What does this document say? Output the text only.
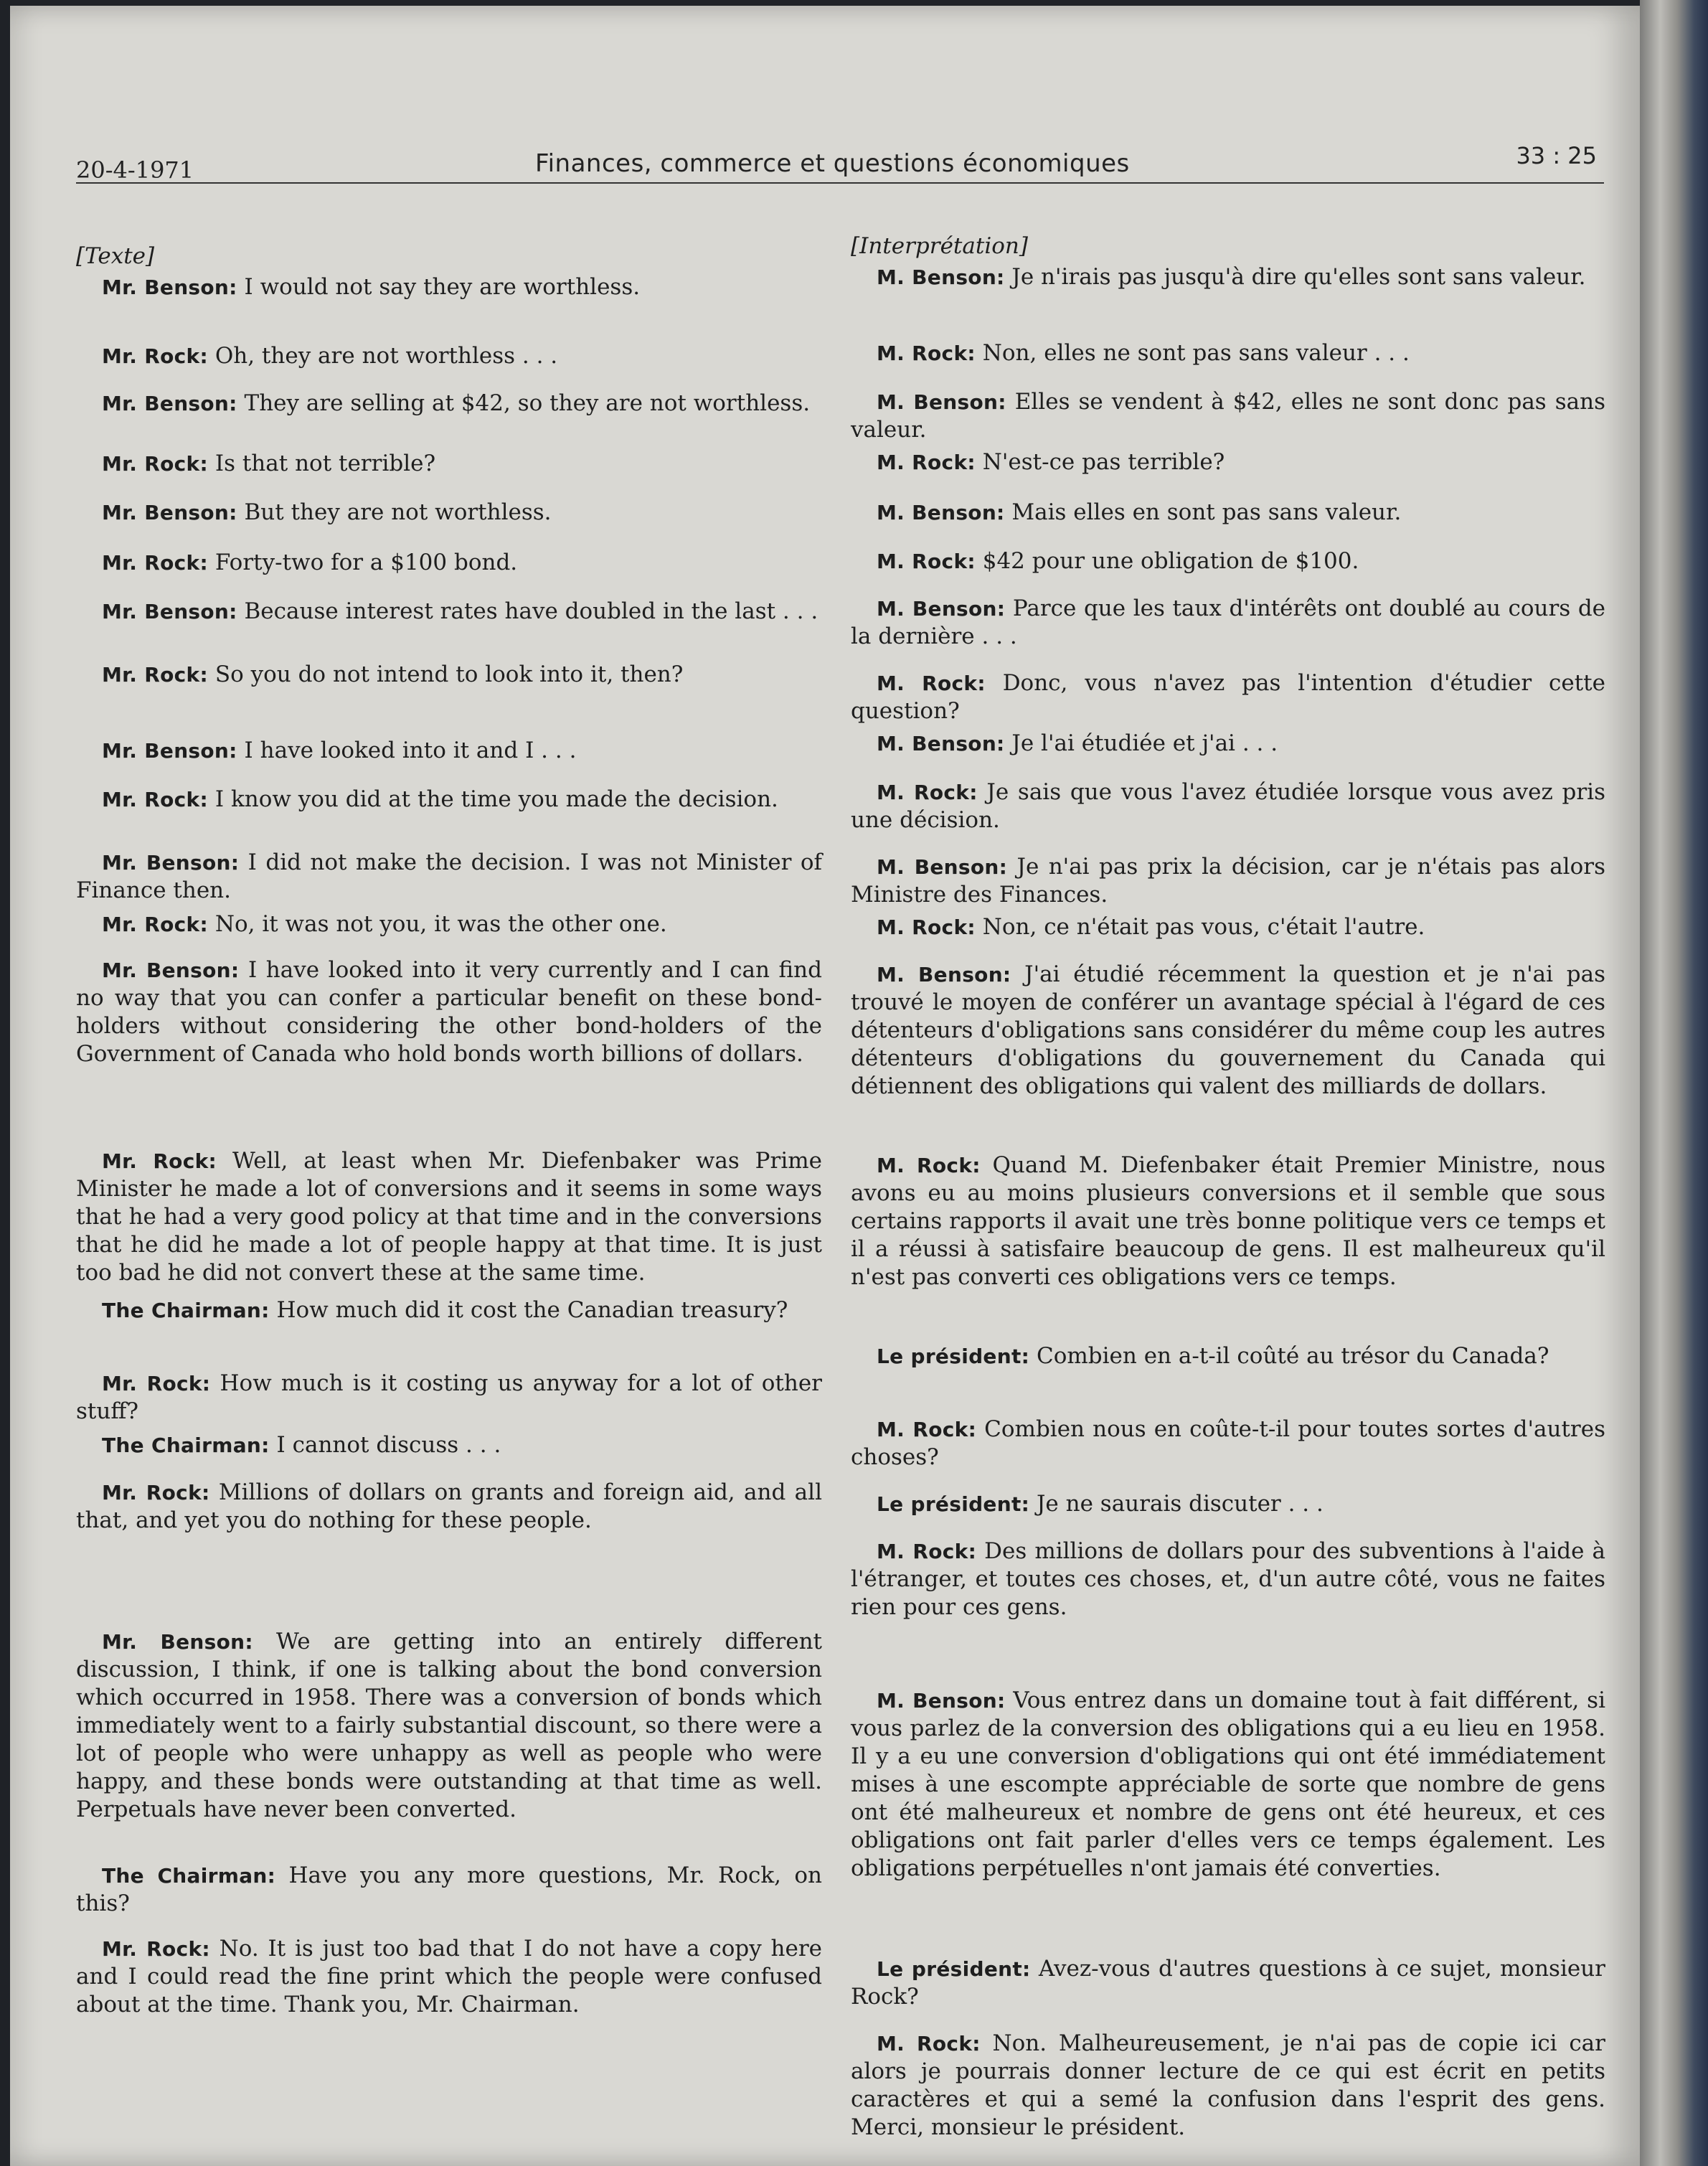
20-4-1971	Finances, commerce et questions économiques	33 : 25
[Texte]
Mr. Benson: I would not say they are worthless.
Mr. Rock: Oh, they are not worthless . . .
Mr. Benson: They are selling at $42, so they are not worthless.
Mr. Rock: Is that not terrible?
Mr. Benson: But they are not worthless.
Mr. Rock: Forty-two for a $100 bond.
Mr. Benson: Because interest rates have doubled in the last . . .
Mr. Rock: So you do not intend to look into it, then?
Mr. Benson: I have looked into it and I . . .
Mr. Rock: I know you did at the time you made the decision.
Mr. Benson: I did not make the decision. I was not Minister of Finance then.
Mr. Rock: No, it was not you, it was the other one.
Mr. Benson: I have looked into it very currently and I can find no way that you can confer a particular benefit on these bond-holders without considering the other bond-holders of the Government of Canada who hold bonds worth billions of dollars.
Mr. Rock: Well, at least when Mr. Diefenbaker was Prime Minister he made a lot of conversions and it seems in some ways that he had a very good policy at that time and in the conversions that he did he made a lot of people happy at that time. It is just too bad he did not convert these at the same time.
The Chairman: How much did it cost the Canadian treasury?
Mr. Rock: How much is it costing us anyway for a lot of other stuff?
The Chairman: I cannot discuss . . .
Mr. Rock: Millions of dollars on grants and foreign aid, and all that, and yet you do nothing for these people.
Mr. Benson: We are getting into an entirely different discussion, I think, if one is talking about the bond conversion which occurred in 1958. There was a conversion of bonds which immediately went to a fairly substantial discount, so there were a lot of people who were unhappy as well as people who were happy, and these bonds were outstanding at that time as well. Perpetuals have never been converted.
The Chairman: Have you any more questions, Mr. Rock, on this?
Mr. Rock: No. It is just too bad that I do not have a copy here and I could read the fine print which the people were confused about at the time. Thank you, Mr. Chairman.
[Interprétation]
M. Benson: Je n'irais pas jusqu'à dire qu'elles sont sans valeur.
M. Rock: Non, elles ne sont pas sans valeur . . .
M. Benson: Elles se vendent à $42, elles ne sont donc pas sans valeur.
M. Rock: N'est-ce pas terrible?
M. Benson: Mais elles en sont pas sans valeur.
M. Rock: $42 pour une obligation de $100.
M. Benson: Parce que les taux d'intérêts ont doublé au cours de la dernière . . .
M. Rock: Donc, vous n'avez pas l'intention d'étudier cette question?
M. Benson: Je l'ai étudiée et j'ai . . .
M. Rock: Je sais que vous l'avez étudiée lorsque vous avez pris une décision.
M. Benson: Je n'ai pas prix la décision, car je n'étais pas alors Ministre des Finances.
M. Rock: Non, ce n'était pas vous, c'était l'autre.
M. Benson: J'ai étudié récemment la question et je n'ai pas trouvé le moyen de conférer un avantage spécial à l'égard de ces détenteurs d'obligations sans considérer du même coup les autres détenteurs d'obligations du gouvernement du Canada qui détiennent des obligations qui valent des milliards de dollars.
M. Rock: Quand M. Diefenbaker était Premier Ministre, nous avons eu au moins plusieurs conversions et il semble que sous certains rapports il avait une très bonne politique vers ce temps et il a réussi à satisfaire beaucoup de gens. Il est malheureux qu'il n'est pas converti ces obligations vers ce temps.
Le président: Combien en a-t-il coûté au trésor du Canada?
M. Rock: Combien nous en coûte-t-il pour toutes sortes d'autres choses?
Le président: Je ne saurais discuter . . .
M. Rock: Des millions de dollars pour des subventions à l'aide à l'étranger, et toutes ces choses, et, d'un autre côté, vous ne faites rien pour ces gens.
M. Benson: Vous entrez dans un domaine tout à fait différent, si vous parlez de la conversion des obligations qui a eu lieu en 1958. Il y a eu une conversion d'obligations qui ont été immédiatement mises à une escompte appréciable de sorte que nombre de gens ont été malheureux et nombre de gens ont été heureux, et ces obligations ont fait parler d'elles vers ce temps également. Les obligations perpétuelles n'ont jamais été converties.
Le président: Avez-vous d'autres questions à ce sujet, monsieur Rock?
M. Rock: Non. Malheureusement, je n'ai pas de copie ici car alors je pourrais donner lecture de ce qui est écrit en petits caractères et qui a semé la confusion dans l'esprit des gens. Merci, monsieur le président.
